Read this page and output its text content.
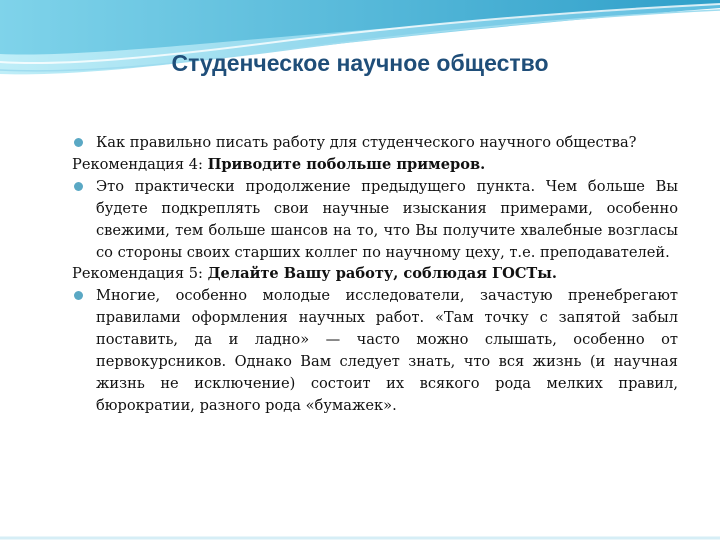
Студенческое научное общество
Как правильно писать работу для студенческого научного общества?
Рекомендация 4: Приводите побольше примеров.
Это практически продолжение предыдущего пункта. Чем больше Вы будете подкреплять свои научные изыскания примерами, особенно свежими, тем больше шансов на то, что Вы получите хвалебные возгласы со стороны своих старших коллег по научному цеху, т.е. преподавателей.
Рекомендация 5: Делайте Вашу работу, соблюдая ГОСТы.
Многие, особенно молодые исследователи, зачастую пренебрегают правилами оформления научных работ. «Там точку с запятой забыл поставить, да и ладно» — часто можно слышать, особенно от первокурсников. Однако Вам следует знать, что вся жизнь (и научная жизнь не исключение) состоит их всякого рода мелких правил, бюрократии, разного рода «бумажек».
